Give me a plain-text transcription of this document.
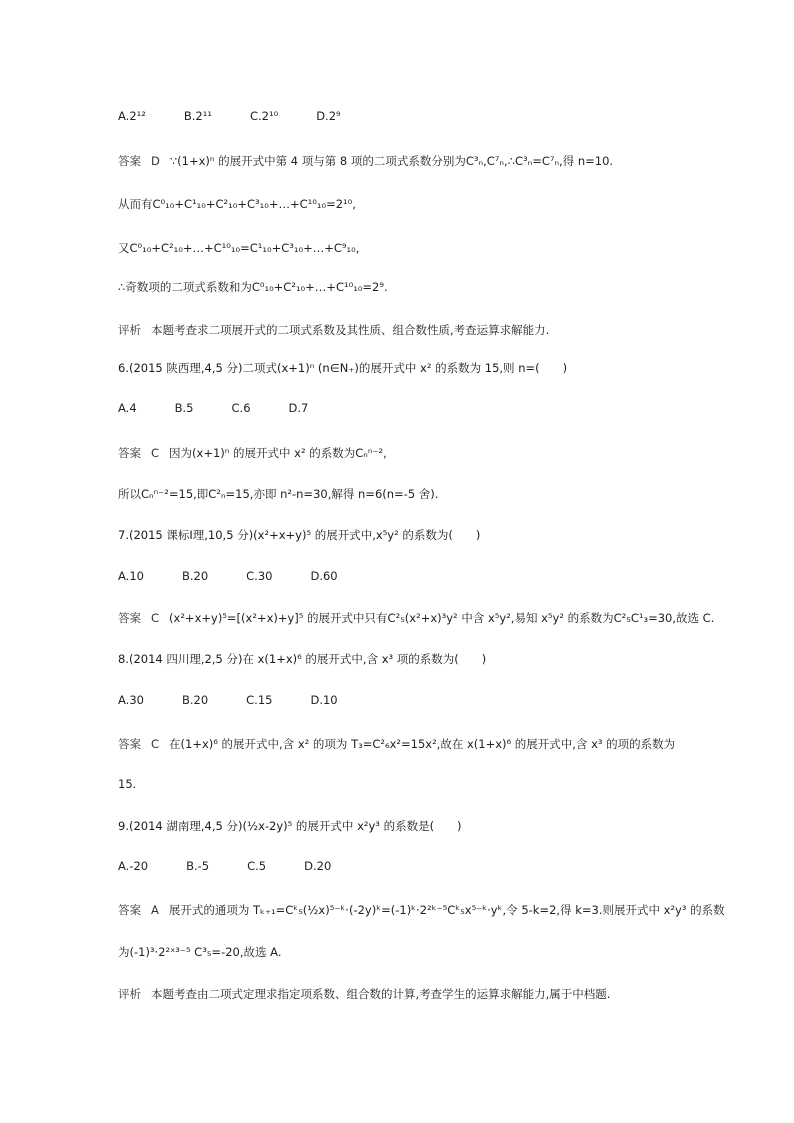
A.2¹²	B.2¹¹	C.2¹⁰	D.2⁹
答案 D ∵(1+x)ⁿ 的展开式中第 4 项与第 8 项的二项式系数分别为C³ₙ,C⁷ₙ,∴C³ₙ=C⁷ₙ,得 n=10.
从而有C⁰₁₀+C¹₁₀+C²₁₀+C³₁₀+…+C¹⁰₁₀=2¹⁰,
又C⁰₁₀+C²₁₀+…+C¹⁰₁₀=C¹₁₀+C³₁₀+…+C⁹₁₀,
∴奇数项的二项式系数和为C⁰₁₀+C²₁₀+…+C¹⁰₁₀=2⁹.
评析 本题考查求二项展开式的二项式系数及其性质、组合数性质,考查运算求解能力.
6.(2015 陕西理,4,5 分)二项式(x+1)ⁿ (n∈N₊)的展开式中 x² 的系数为 15,则 n=(　　)
A.4	B.5	C.6	D.7
答案 C 因为(x+1)ⁿ 的展开式中 x² 的系数为Cₙⁿ⁻²,
所以Cₙⁿ⁻²=15,即C²ₙ=15,亦即 n²-n=30,解得 n=6(n=-5 舍).
7.(2015 课标Ⅰ理,10,5 分)(x²+x+y)⁵ 的展开式中,x⁵y² 的系数为(　　)
A.10	B.20	C.30	D.60
答案 C (x²+x+y)⁵=[(x²+x)+y]⁵ 的展开式中只有C²₅(x²+x)³y² 中含 x⁵y²,易知 x⁵y² 的系数为C²₅C¹₃=30,故选 C.
8.(2014 四川理,2,5 分)在 x(1+x)⁶ 的展开式中,含 x³ 项的系数为(　　)
A.30	B.20	C.15	D.10
答案 C 在(1+x)⁶ 的展开式中,含 x² 的项为 T₃=C²₆x²=15x²,故在 x(1+x)⁶ 的展开式中,含 x³ 的项的系数为
15.
9.(2014 湖南理,4,5 分)(½x-2y)⁵ 的展开式中 x²y³ 的系数是(　　)
A.-20	B.-5	C.5	D.20
答案 A 展开式的通项为 Tₖ₊₁=Cᵏ₅(½x)⁵⁻ᵏ·(-2y)ᵏ=(-1)ᵏ·2²ᵏ⁻⁵Cᵏ₅x⁵⁻ᵏ·yᵏ,令 5-k=2,得 k=3.则展开式中 x²y³ 的系数
为(-1)³·2²ˣ³⁻⁵ C³₅=-20,故选 A.
评析 本题考查由二项式定理求指定项系数、组合数的计算,考查学生的运算求解能力,属于中档题.
